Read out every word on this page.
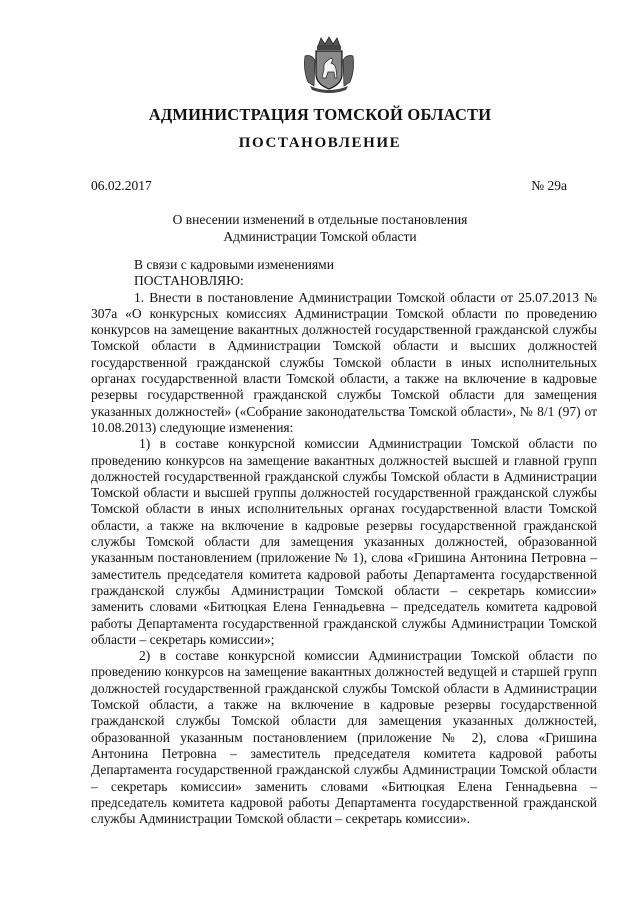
АДМИНИСТРАЦИЯ ТОМСКОЙ ОБЛАСТИ
ПОСТАНОВЛЕНИЕ
06.02.2017	№ 29а
О внесении изменений в отдельные постановления
Администрации Томской области

В связи с кадровыми изменениями

ПОСТАНОВЛЯЮ:

1. Внести в постановление Администрации Томской области от 25.07.2013 № 307а «О конкурсных комиссиях Администрации Томской области по проведению конкурсов на замещение вакантных должностей государственной гражданской службы Томской области в Администрации Томской области и высших должностей государственной гражданской службы Томской области в иных исполнительных органах государственной власти Томской области, а также на включение в кадровые резервы государственной гражданской службы Томской области для замещения указанных должностей» («Собрание законодательства Томской области», № 8/1 (97) от 10.08.2013) следующие изменения:

1) в составе конкурсной комиссии Администрации Томской области по проведению конкурсов на замещение вакантных должностей высшей и главной групп должностей государственной гражданской службы Томской области в Администрации Томской области и высшей группы должностей государственной гражданской службы Томской области в иных исполнительных органах государственной власти Томской области, а также на включение в кадровые резервы государственной гражданской службы Томской области для замещения указанных должностей, образованной указанным постановлением (приложение № 1), слова «Гришина Антонина Петровна – заместитель председателя комитета кадровой работы Департамента государственной гражданской службы Администрации Томской области – секретарь комиссии» заменить словами «Битюцкая Елена Геннадьевна – председатель комитета кадровой работы Департамента государственной гражданской службы Администрации Томской области – секретарь комиссии»;

2) в составе конкурсной комиссии Администрации Томской области по проведению конкурсов на замещение вакантных должностей ведущей и старшей групп должностей государственной гражданской службы Томской области в Администрации Томской области, а также на включение в кадровые резервы государственной гражданской службы Томской области для замещения указанных должностей, образованной указанным постановлением (приложение № 2), слова «Гришина Антонина Петровна – заместитель председателя комитета кадровой работы Департамента государственной гражданской службы Администрации Томской области – секретарь комиссии» заменить словами «Битюцкая Елена Геннадьевна – председатель комитета кадровой работы Департамента государственной гражданской службы Администрации Томской области – секретарь комиссии».
